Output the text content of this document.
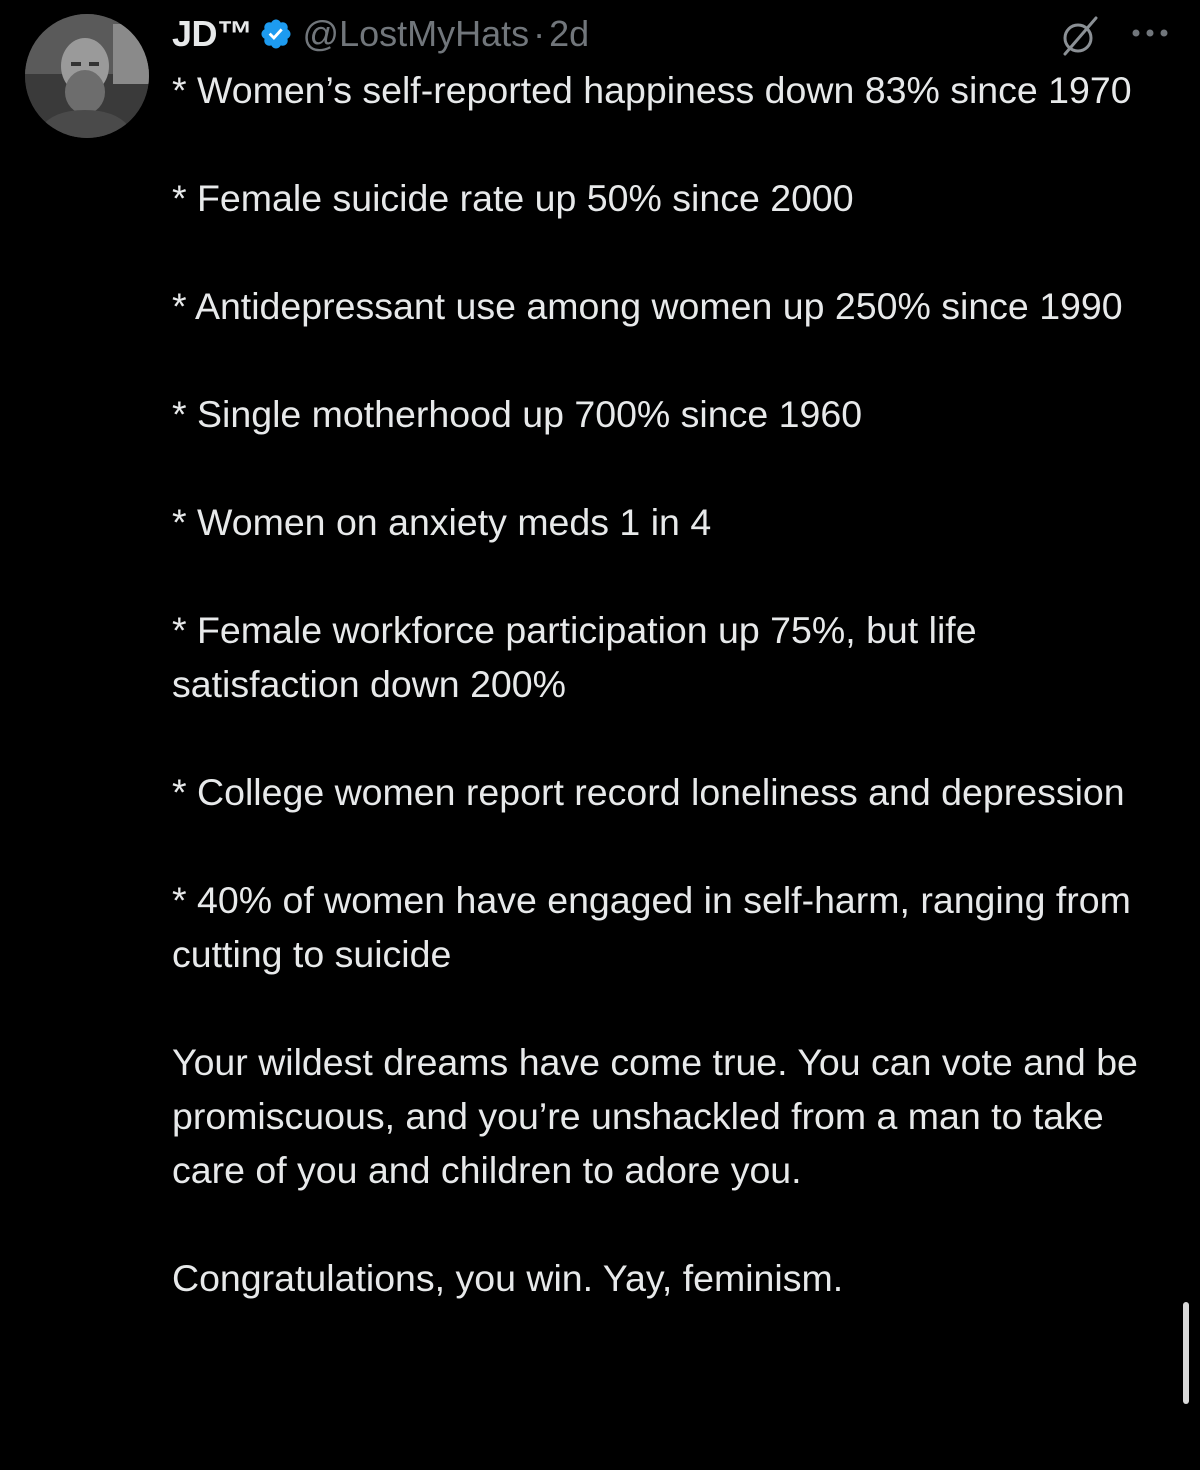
JD™ @LostMyHats · 2d

* Women’s self-reported happiness down 83% since 1970

* Female suicide rate up 50% since 2000

* Antidepressant use among women up 250% since 1990

* Single motherhood up 700% since 1960

* Women on anxiety meds 1 in 4

* Female workforce participation up 75%, but life satisfaction down 200%

* College women report record loneliness and depression

* 40% of women have engaged in self-harm, ranging from cutting to suicide

Your wildest dreams have come true. You can vote and be promiscuous, and you’re unshackled from a man to take care of you and children to adore you.

Congratulations, you win. Yay, feminism.
